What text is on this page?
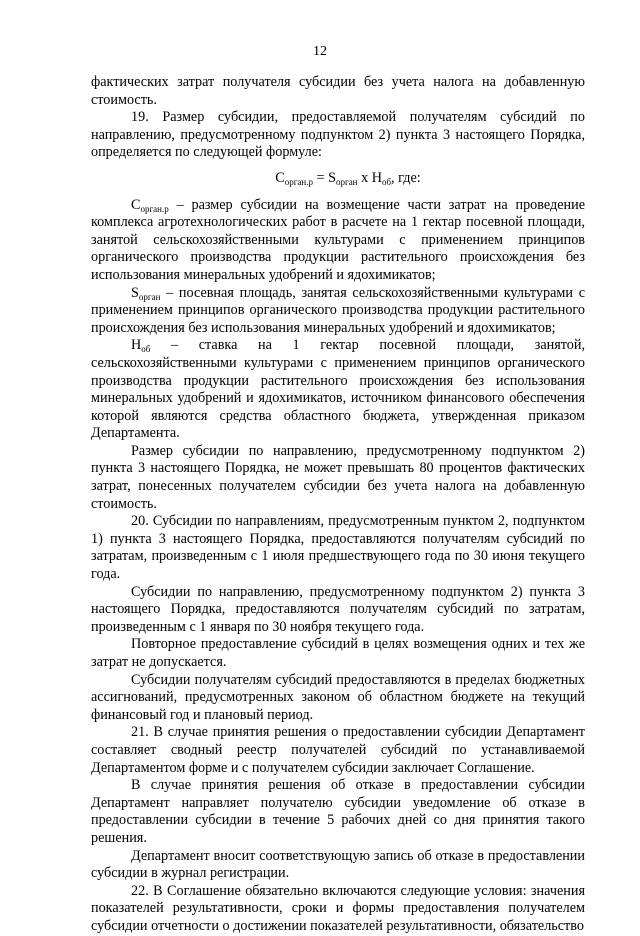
12

фактических затрат получателя субсидии без учета налога на добавленную стоимость.

19. Размер субсидии, предоставляемой получателям субсидий по направлению, предусмотренному подпунктом 2) пункта 3 настоящего Порядка, определяется по следующей формуле:

$C_{орган.р} = S_{орган}$ x $H_{об}$, где:

$C_{орган.р}$ – размер субсидии на возмещение части затрат на проведение комплекса агротехнологических работ в расчете на 1 гектар посевной площади, занятой сельскохозяйственными культурами с применением принципов органического производства продукции растительного происхождения без использования минеральных удобрений и ядохимикатов;

$S_{орган}$ – посевная площадь, занятая сельскохозяйственными культурами с применением принципов органического производства продукции растительного происхождения без использования минеральных удобрений и ядохимикатов;

$H_{об}$ – ставка на 1 гектар посевной площади, занятой, сельскохозяйственными культурами с применением принципов органического производства продукции растительного происхождения без использования минеральных удобрений и ядохимикатов, источником финансового обеспечения которой являются средства областного бюджета, утвержденная приказом Департамента.

Размер субсидии по направлению, предусмотренному подпунктом 2) пункта 3 настоящего Порядка, не может превышать 80 процентов фактических затрат, понесенных получателем субсидии без учета налога на добавленную стоимость.

20. Субсидии по направлениям, предусмотренным пунктом 2, подпунктом 1) пункта 3 настоящего Порядка, предоставляются получателям субсидий по затратам, произведенным с 1 июля предшествующего года по 30 июня текущего года.

Субсидии по направлению, предусмотренному подпунктом 2) пункта 3 настоящего Порядка, предоставляются получателям субсидий по затратам, произведенным с 1 января по 30 ноября текущего года.

Повторное предоставление субсидий в целях возмещения одних и тех же затрат не допускается.

Субсидии получателям субсидий предоставляются в пределах бюджетных ассигнований, предусмотренных законом об областном бюджете на текущий финансовый год и плановый период.

21. В случае принятия решения о предоставлении субсидии Департамент составляет сводный реестр получателей субсидий по устанавливаемой Департаментом форме и с получателем субсидии заключает Соглашение.

В случае принятия решения об отказе в предоставлении субсидии Департамент направляет получателю субсидии уведомление об отказе в предоставлении субсидии в течение 5 рабочих дней со дня принятия такого решения.

Департамент вносит соответствующую запись об отказе в предоставлении субсидии в журнал регистрации.

22. В Соглашение обязательно включаются следующие условия: значения показателей результативности, сроки и формы предоставления получателем субсидии отчетности о достижении показателей результативности, обязательство
